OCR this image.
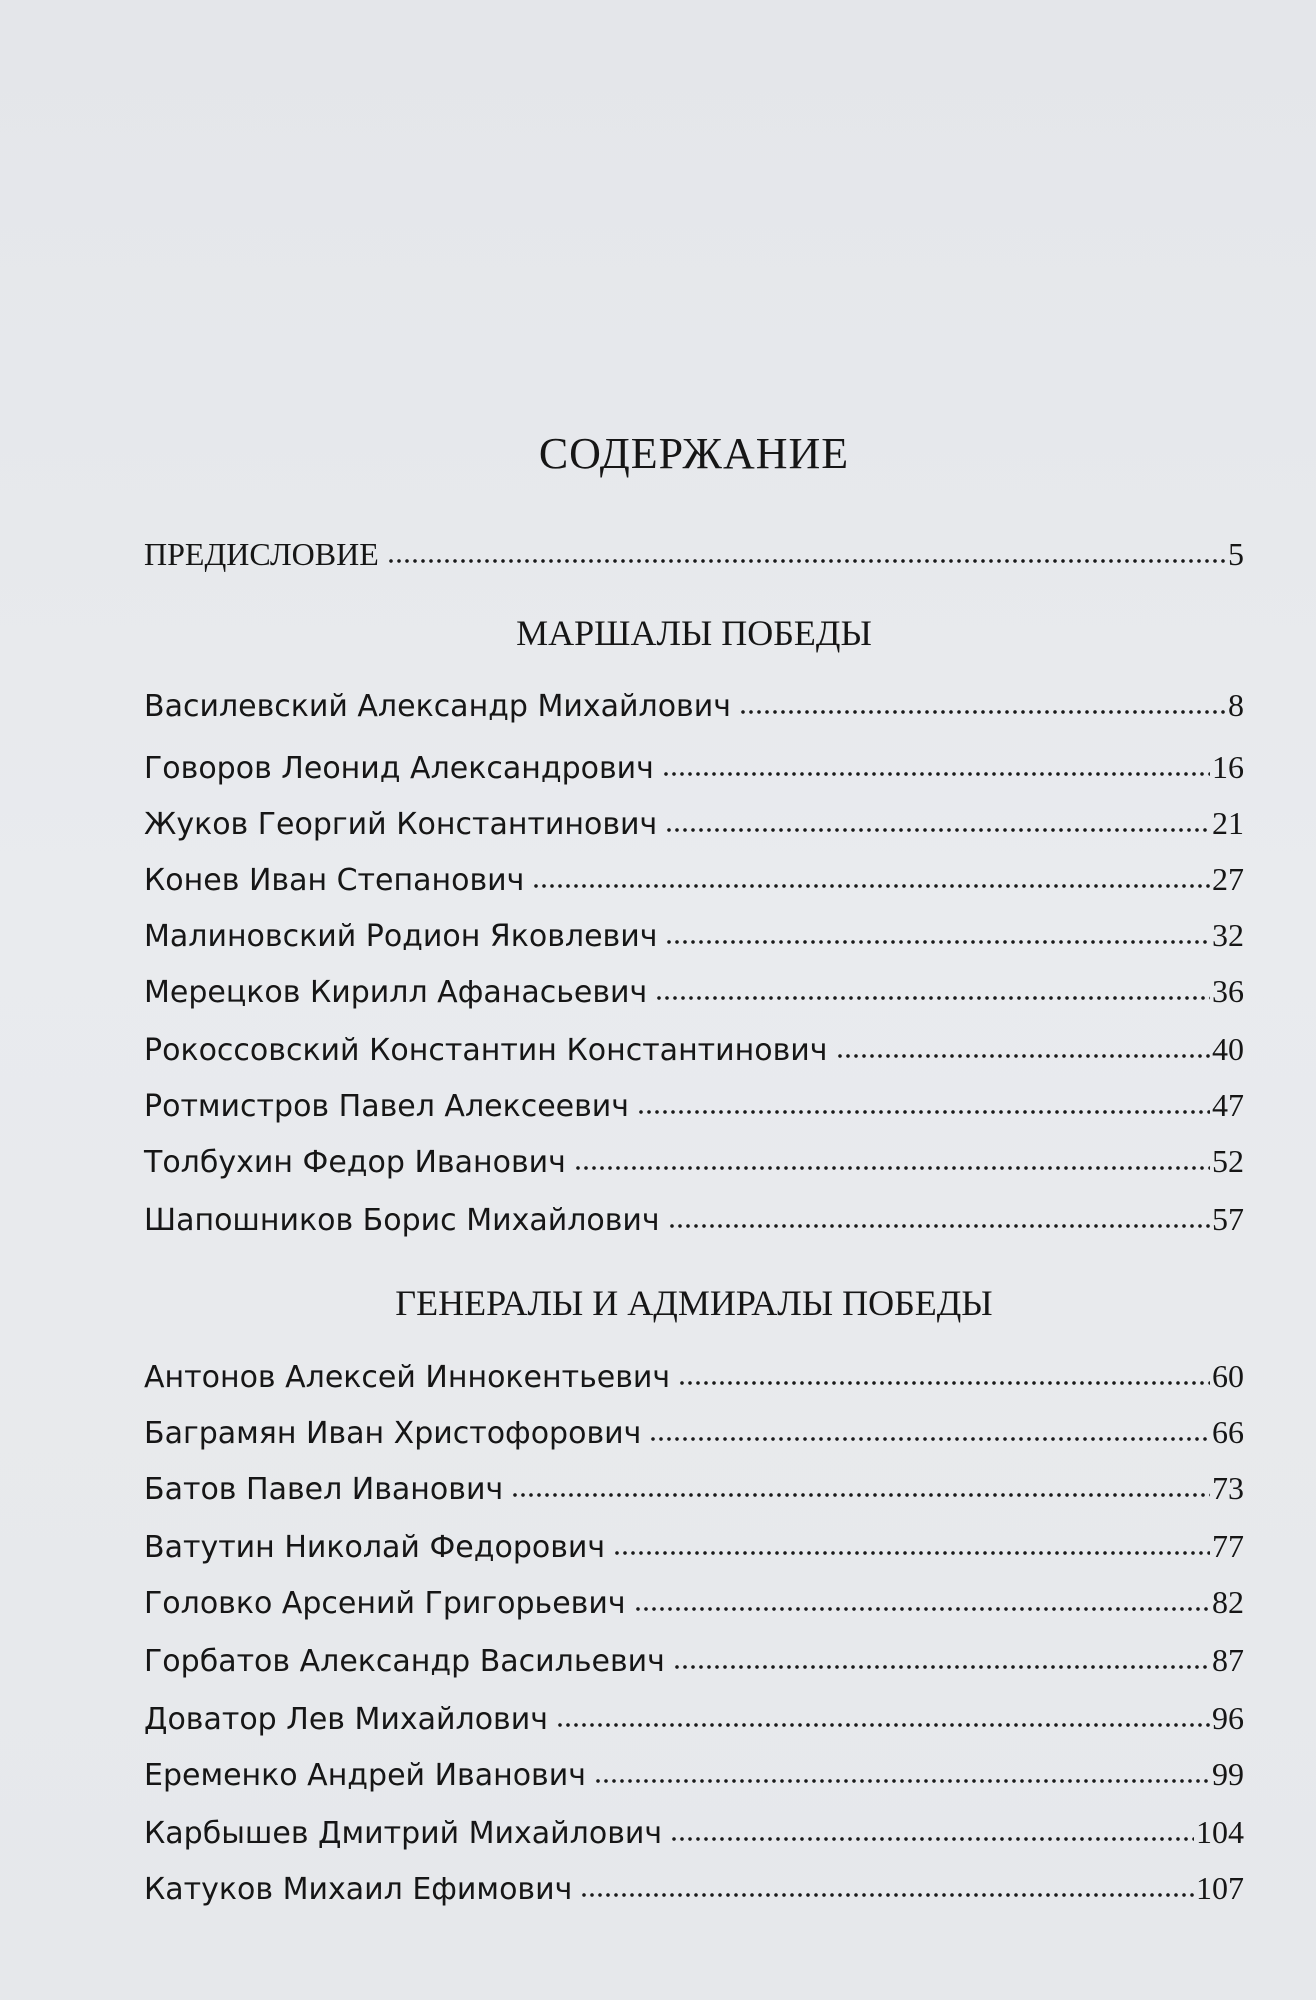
СОДЕРЖАНИЕ
ПРЕДИСЛОВИЕ	5
МАРШАЛЫ ПОБЕДЫ
Василевский Александр Михайлович	8
Говоров Леонид Александрович	16
Жуков Георгий Константинович	21
Конев Иван Степанович	27
Малиновский Родион Яковлевич	32
Мерецков Кирилл Афанасьевич	36
Рокоссовский Константин Константинович	40
Ротмистров Павел Алексеевич	47
Толбухин Федор Иванович	52
Шапошников Борис Михайлович	57
ГЕНЕРАЛЫ И АДМИРАЛЫ ПОБЕДЫ
Антонов Алексей Иннокентьевич	60
Баграмян Иван Христофорович	66
Батов Павел Иванович	73
Ватутин Николай Федорович	77
Головко Арсений Григорьевич	82
Горбатов Александр Васильевич	87
Доватор Лев Михайлович	96
Еременко Андрей Иванович	99
Карбышев Дмитрий Михайлович	104
Катуков Михаил Ефимович	107
